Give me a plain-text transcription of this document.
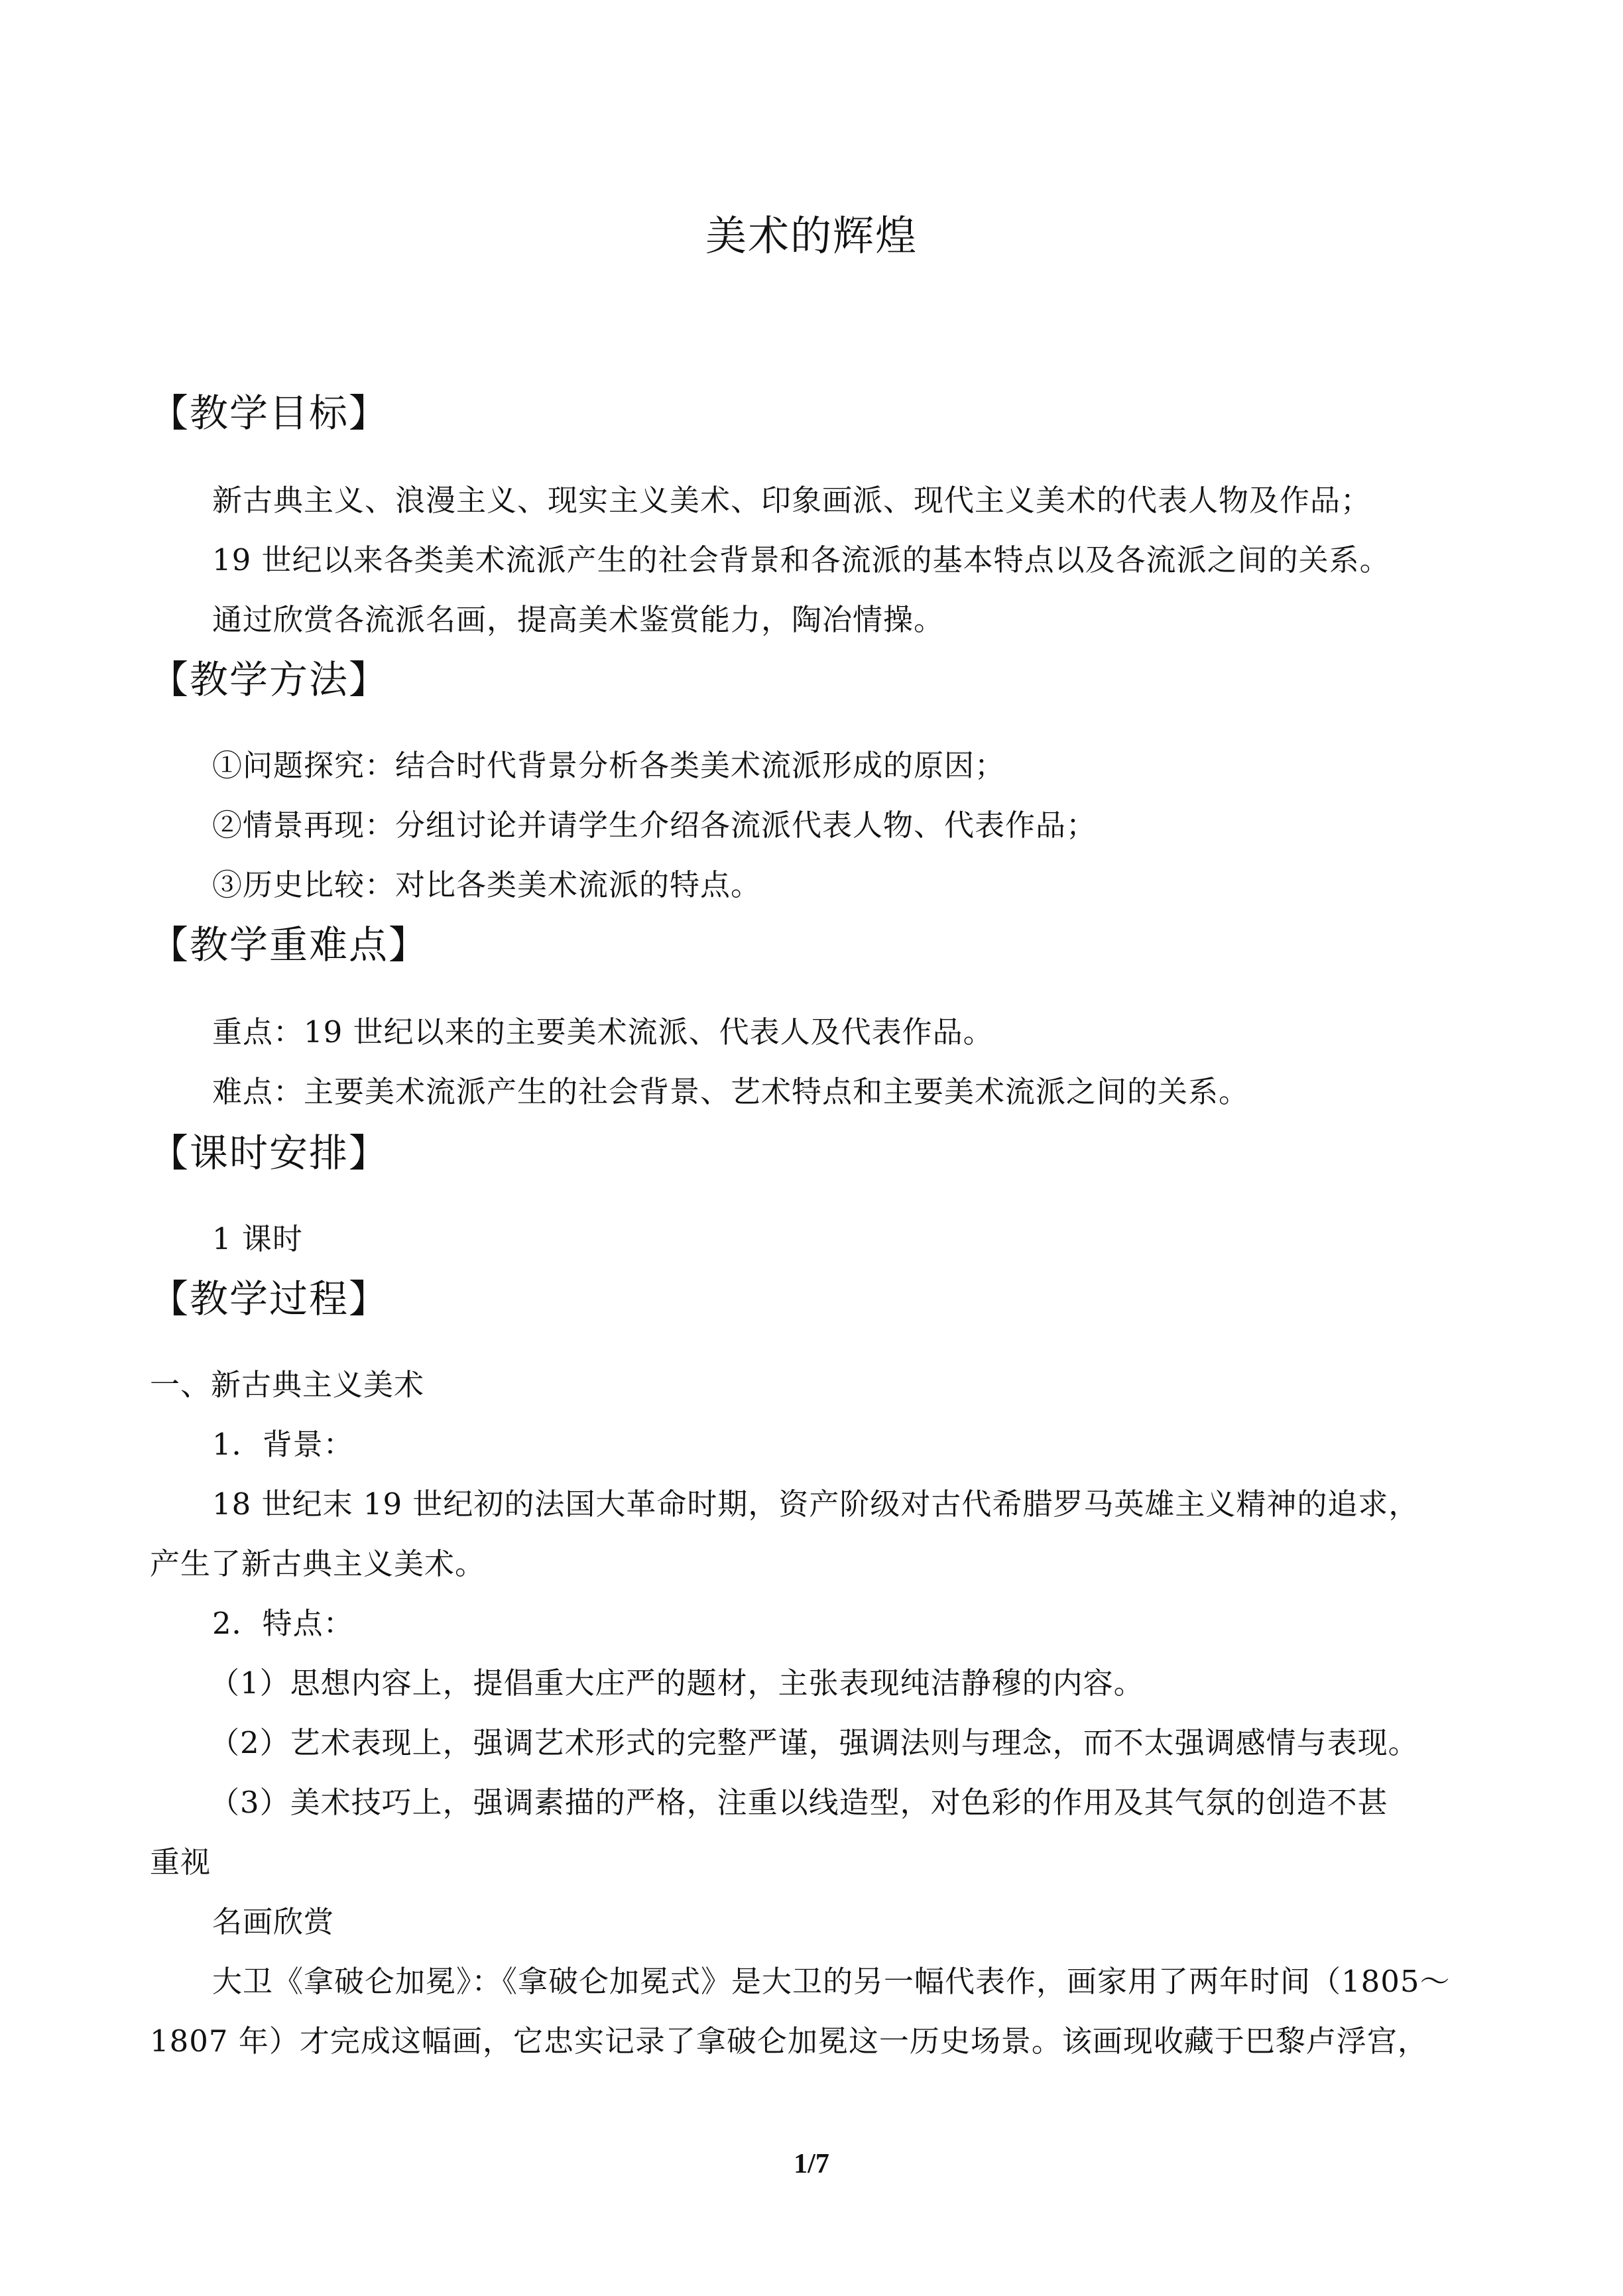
美术的辉煌
【教学目标】
新古典主义、浪漫主义、现实主义美术、印象画派、现代主义美术的代表人物及作品；
19 世纪以来各类美术流派产生的社会背景和各流派的基本特点以及各流派之间的关系。
通过欣赏各流派名画，提高美术鉴赏能力，陶冶情操。
【教学方法】
①问题探究：结合时代背景分析各类美术流派形成的原因；
②情景再现：分组讨论并请学生介绍各流派代表人物、代表作品；
③历史比较：对比各类美术流派的特点。
【教学重难点】
重点：19 世纪以来的主要美术流派、代表人及代表作品。
难点：主要美术流派产生的社会背景、艺术特点和主要美术流派之间的关系。
【课时安排】
1 课时
【教学过程】
一、新古典主义美术
1．背景：
18 世纪末 19 世纪初的法国大革命时期，资产阶级对古代希腊罗马英雄主义精神的追求，
产生了新古典主义美术。
2．特点：
（1）思想内容上，提倡重大庄严的题材，主张表现纯洁静穆的内容。
（2）艺术表现上，强调艺术形式的完整严谨，强调法则与理念，而不太强调感情与表现。
（3）美术技巧上，强调素描的严格，注重以线造型，对色彩的作用及其气氛的创造不甚
重视
名画欣赏
大卫《拿破仑加冕》：《拿破仑加冕式》是大卫的另一幅代表作，画家用了两年时间（1805～
1807 年）才完成这幅画，它忠实记录了拿破仑加冕这一历史场景。该画现收藏于巴黎卢浮宫，
1/7
